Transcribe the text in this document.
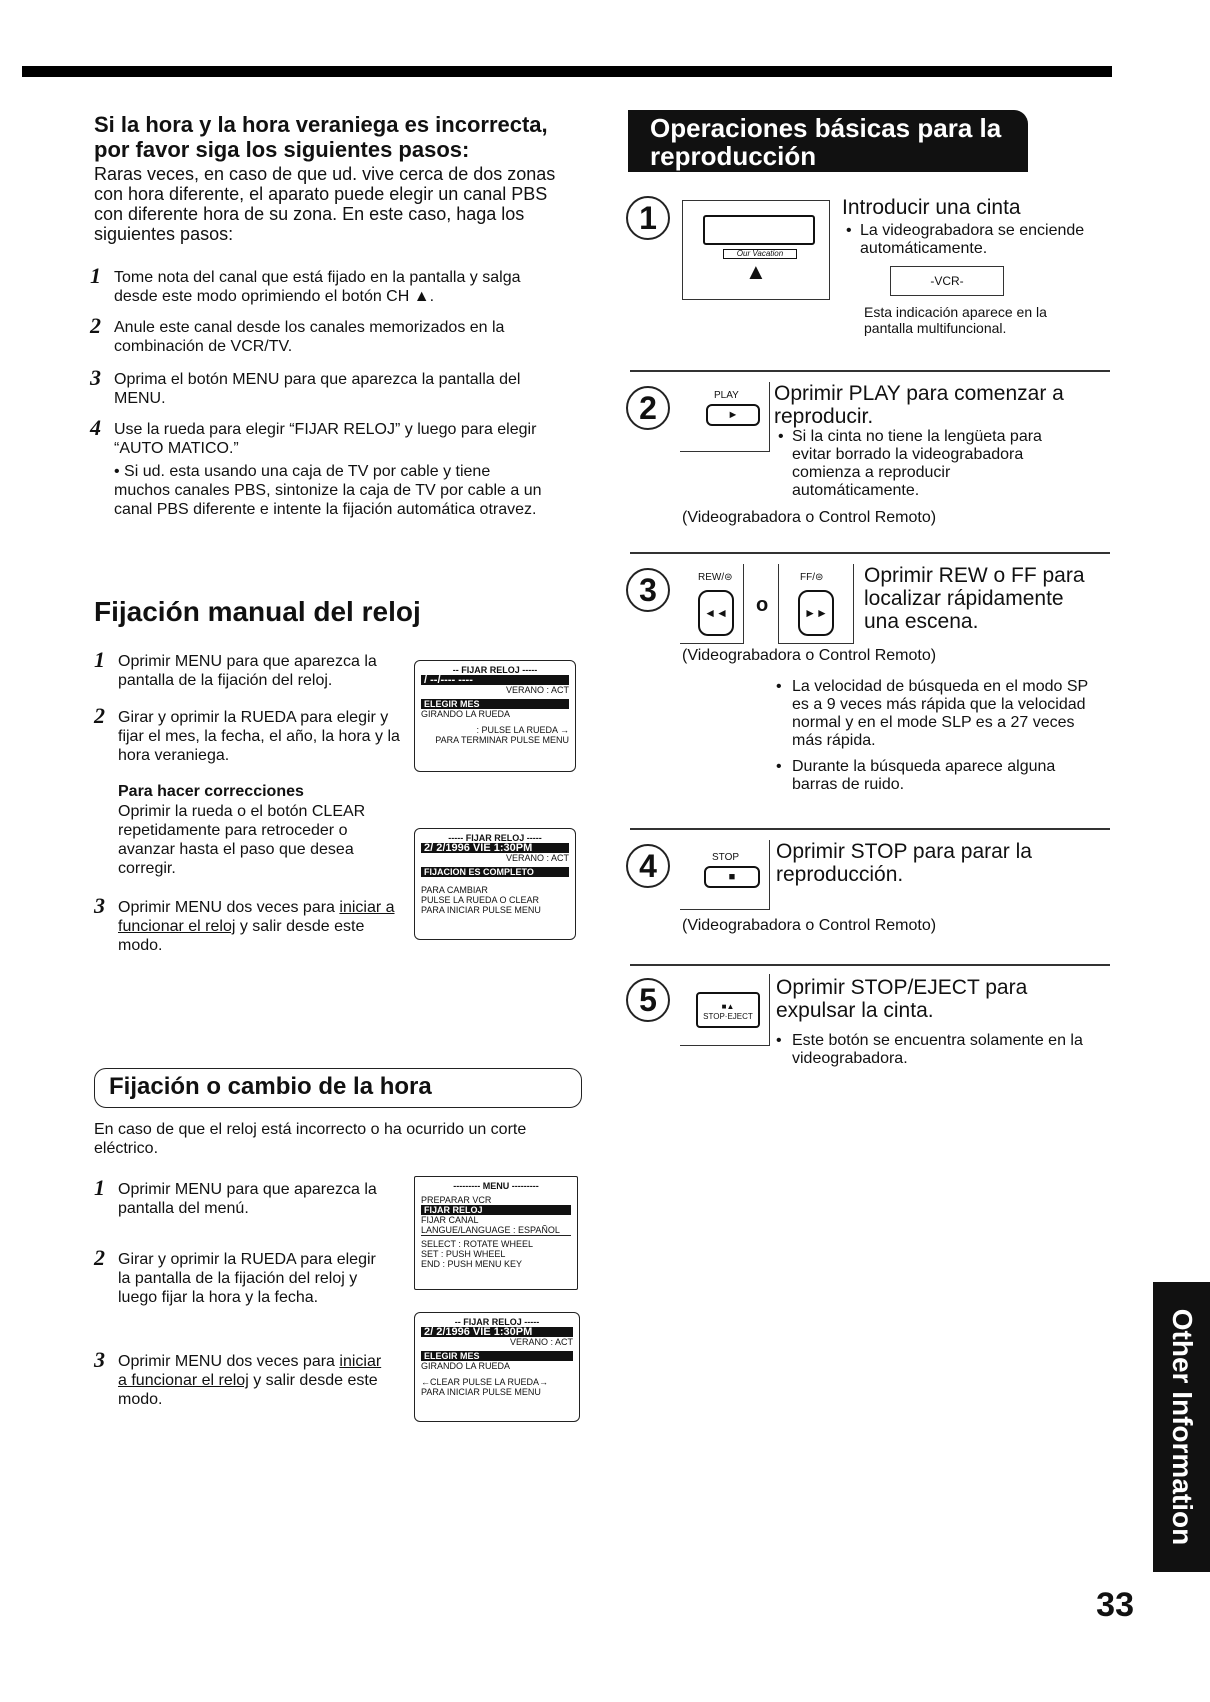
Si la hora y la hora veraniega es incorrecta, por favor siga los siguientes pasos:
Raras veces, en caso de que ud. vive cerca de dos zonas con hora diferente, el aparato puede elegir un canal PBS con diferente hora de su zona. En este caso, haga los siguientes pasos:
1 Tome nota del canal que está fijado en la pantalla y salga desde este modo oprimiendo el botón CH ▲.
2 Anule este canal desde los canales memorizados en la combinación de VCR/TV.
3 Oprima el botón MENU para que aparezca la pantalla del MENU.
4 Use la rueda para elegir “FIJAR RELOJ” y luego para elegir “AUTO MATICO.”
• Si ud. esta usando una caja de TV por cable y tiene muchos canales PBS, sintonize la caja de TV por cable a un canal PBS diferente e intente la fijación automática otravez.
Fijación manual del reloj
1 Oprimir MENU para que aparezca la pantalla de la fijación del reloj.
2 Girar y oprimir la RUEDA para elegir y fijar el mes, la fecha, el año, la hora y la hora veraniega.
Para hacer correcciones
Oprimir la rueda o el botón CLEAR repetidamente para retroceder o avanzar hasta el paso que desea corregir.
3 Oprimir MENU dos veces para iniciar a funcionar el reloj y salir desde este modo.
-- FIJAR RELOJ -----
/ --/---- ----
VERANO : ACT
ELEGIR MES
GIRANDO LA RUEDA
: PULSE LA RUEDA →
PARA TERMINAR PULSE MENU
----- FIJAR RELOJ -----
2/ 2/1996 VIE 1:30PM
VERANO : ACT
FIJACION ES COMPLETO
PARA CAMBIAR
PULSE LA RUEDA O CLEAR
PARA INICIAR PULSE MENU
Fijación o cambio de la hora
En caso de que el reloj está incorrecto o ha ocurrido un corte eléctrico.
1 Oprimir MENU para que aparezca la pantalla del menú.
2 Girar y oprimir la RUEDA para elegir la pantalla de la fijación del reloj y luego fijar la hora y la fecha.
3 Oprimir MENU dos veces para iniciar a funcionar el reloj y salir desde este modo.
--------- MENU ---------
PREPARAR VCR
FIJAR RELOJ
FIJAR CANAL
LANGUE/LANGUAGE : ESPAÑOL
SELECT : ROTATE WHEEL
SET : PUSH WHEEL
END : PUSH MENU KEY
-- FIJAR RELOJ -----
2/ 2/1996 VIE 1:30PM
VERANO : ACT
ELEGIR MES
GIRANDO LA RUEDA
←CLEAR PULSE LA RUEDA→
PARA INICIAR PULSE MENU
Operaciones básicas para la reproducción
1
Our Vacation
▲
Introducir una cinta
• La videograbadora se enciende automáticamente.
-VCR-
Esta indicación aparece en la pantalla multifuncional.
2	PLAY
►
Oprimir PLAY para comenzar a reproducir.
• Si la cinta no tiene la lengüeta para evitar borrado la videograbadora comienza a reproducir automáticamente.
(Videograbadora o Control Remoto)
3	REW/⊜
◄◄	o
FF/⊜
►►
Oprimir REW o FF para localizar rápidamente una escena.
(Videograbadora o Control Remoto)
• La velocidad de búsqueda en el modo SP es a 9 veces más rápida que la velocidad normal y en el mode SLP es a 27 veces más rápida.
• Durante la búsqueda aparece alguna barras de ruido.
4	STOP
■
Oprimir STOP para parar la reproducción.
(Videograbadora o Control Remoto)
5	■▲
STOP·EJECT
Oprimir STOP/EJECT para expulsar la cinta.
• Este botón se encuentra solamente en la videograbadora.
Other Information
33
